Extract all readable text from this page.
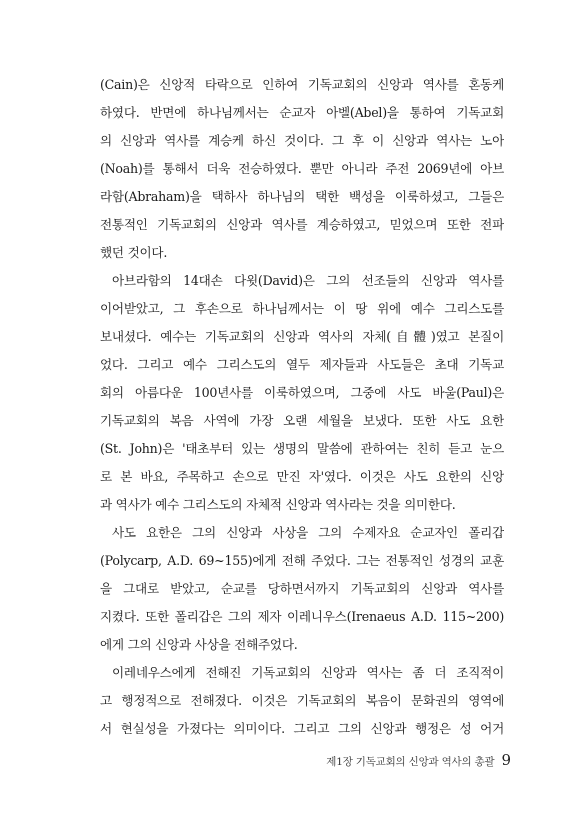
(Cain)은 신앙적 타락으로 인하여 기독교회의 신앙과 역사를 혼동케
하였다. 반면에 하나님께서는 순교자 아벨(Abel)을 통하여 기독교회
의 신앙과 역사를 계승케 하신 것이다. 그 후 이 신앙과 역사는 노아
(Noah)를 통해서 더욱 전승하였다. 뿐만 아니라 주전 2069년에 아브
라함(Abraham)을 택하사 하나님의 택한 백성을 이룩하셨고, 그들은
전통적인 기독교회의 신앙과 역사를 계승하였고, 믿었으며 또한 전파
했던 것이다.
아브라함의 14대손 다윗(David)은 그의 선조들의 신앙과 역사를
이어받았고, 그 후손으로 하나님께서는 이 땅 위에 예수 그리스도를
보내셨다. 예수는 기독교회의 신앙과 역사의 자체(自體)였고 본질이
었다. 그리고 예수 그리스도의 열두 제자들과 사도들은 초대 기독교
회의 아름다운 100년사를 이룩하였으며, 그중에 사도 바울(Paul)은
기독교회의 복음 사역에 가장 오랜 세월을 보냈다. 또한 사도 요한
(St. John)은 '태초부터 있는 생명의 말씀에 관하여는 친히 듣고 눈으
로 본 바요, 주목하고 손으로 만진 자'였다. 이것은 사도 요한의 신앙
과 역사가 예수 그리스도의 자체적 신앙과 역사라는 것을 의미한다.
사도 요한은 그의 신앙과 사상을 그의 수제자요 순교자인 폴리갑
(Polycarp, A.D. 69~155)에게 전해 주었다. 그는 전통적인 성경의 교훈
을 그대로 받았고, 순교를 당하면서까지 기독교회의 신앙과 역사를
지켰다. 또한 폴리갑은 그의 제자 이레니우스(Irenaeus A.D. 115~200)
에게 그의 신앙과 사상을 전해주었다.
이레네우스에게 전해진 기독교회의 신앙과 역사는 좀 더 조직적이
고 행정적으로 전해졌다. 이것은 기독교회의 복음이 문화권의 영역에
서 현실성을 가졌다는 의미이다. 그리고 그의 신앙과 행정은 성 어거
제1장 기독교회의 신앙과 역사의 총괄 9
